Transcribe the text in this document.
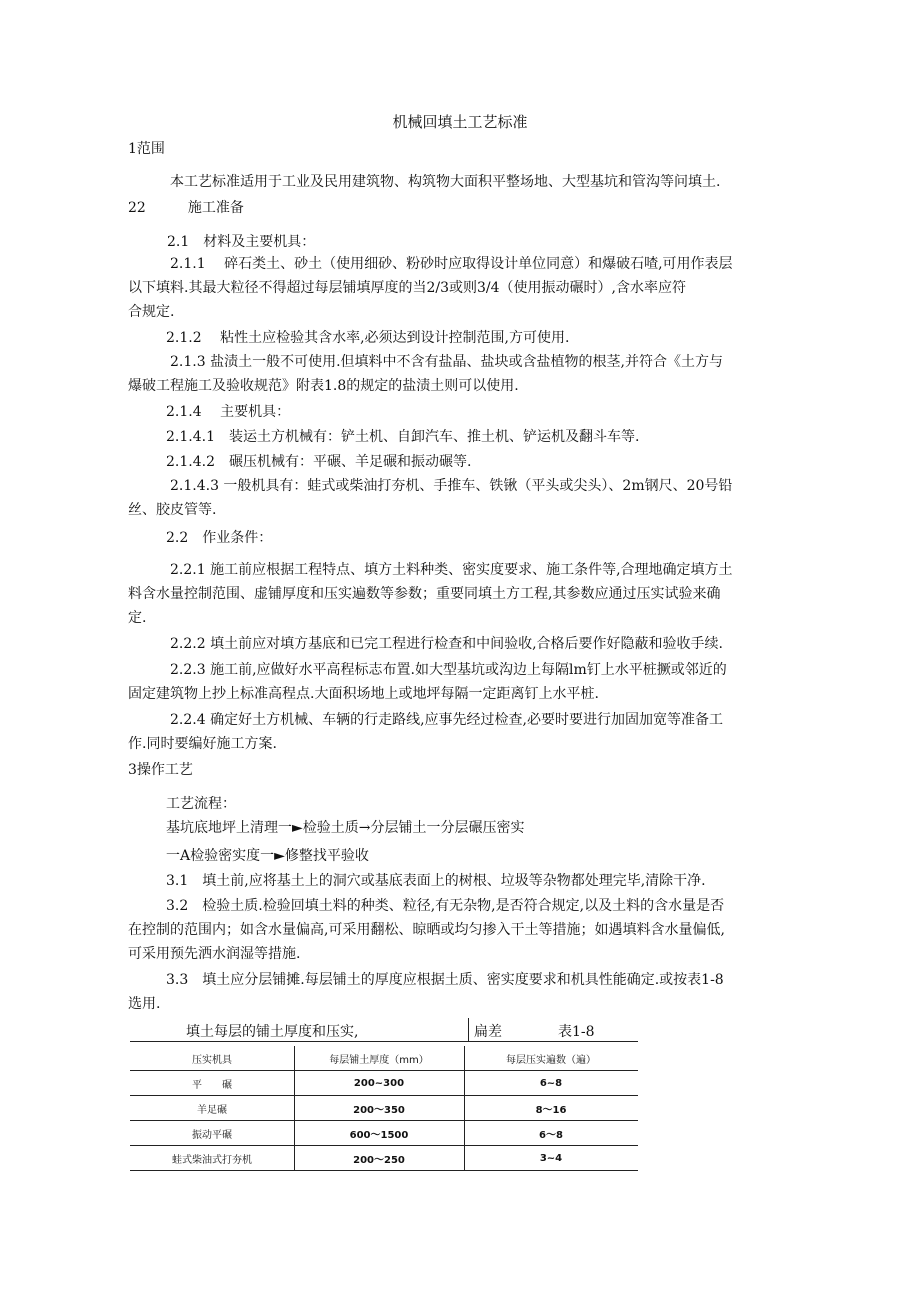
机械回填土工艺标准
1范围
本工艺标准适用于工业及民用建筑物、构筑物大面积平整场地、大型基坑和管沟等问填土.
22　　　施工准备
2.1　材料及主要机具：
2.1.1　 碎石类土、砂土（使用细砂、粉砂时应取得设计单位同意）和爆破石喳,可用作表层
以下填料.其最大粒径不得超过每层铺填厚度的当2/3或则3/4（使用振动碾时）,含水率应符
合规定.
2.1.2　 粘性土应检验其含水率,必须达到设计控制范围,方可使用.
2.1.3 盐渍土一般不可使用.但填料中不含有盐晶、盐块或含盐植物的根茎,并符合《土方与
爆破工程施工及验收规范》附表1.8的规定的盐渍土则可以使用.
2.1.4　 主要机具：
2.1.4.1　装运土方机械有：铲土机、自卸汽车、推土机、铲运机及翻斗车等.
2.1.4.2　碾压机械有：平碾、羊足碾和振动碾等.
2.1.4.3 一般机具有：蛙式或柴油打夯机、手推车、铁锹（平头或尖头）、2m钢尺、20号铅
丝、胶皮管等.
2.2　作业条件：
2.2.1 施工前应根据工程特点、填方土料种类、密实度要求、施工条件等,合理地确定填方土
料含水量控制范围、虚铺厚度和压实遍数等参数；重要同填土方工程,其参数应通过压实试验来确
定.
2.2.2 填土前应对填方基底和已完工程进行检查和中间验收,合格后要作好隐蔽和验收手续.
2.2.3 施工前,应做好水平高程标志布置.如大型基坑或沟边上每隔lm钉上水平桩撅或邻近的
固定建筑物上抄上标准高程点.大面积场地上或地坪每隔一定距离钉上水平桩.
2.2.4 确定好土方机械、车辆的行走路线,应事先经过检查,必要时要进行加固加宽等准备工
作.同时要编好施工方案.
3操作工艺
工艺流程：
基坑底地坪上清理一►检验土质→分层铺土一分层碾压密实
一A检验密实度一►修整找平验收
3.1　填土前,应将基土上的洞穴或基底表面上的树根、垃圾等杂物都处理完毕,清除干净.
3.2　检验土质.检验回填土料的种类、粒径,有无杂物,是否符合规定,以及土料的含水量是否
在控制的范围内；如含水量偏高,可采用翻松、晾晒或均匀掺入干土等措施；如遇填料含水量偏低,
可采用预先洒水润湿等措施.
3.3　填土应分层铺摊.每层铺土的厚度应根据土质、密实度要求和机具性能确定.或按表1-8
选用.
填土每层的铺土厚度和压实,	扁差	表1-8
压实机具	每层铺土厚度（mm）	每层压实遍数（遍）
平　　碾	200~300	6~8
羊足碾	200～350	8～16
振动平碾	600～1500	6～8
蛙式柴油式打夯机	200～250	3~4
